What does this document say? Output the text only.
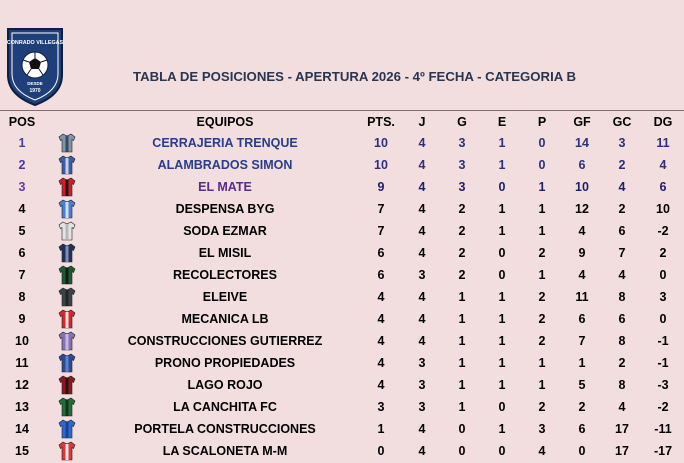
CONRADO VILLEGAS
DESDE
1970
TABLA DE POSICIONES - APERTURA 2026 - 4º FECHA - CATEGORIA B
POS		EQUIPOS	PTS.	J	G	E	P	GF	GC	DG
1		CERRAJERIA TRENQUE	10	4	3	1	0	14	3	11
2		ALAMBRADOS SIMON	10	4	3	1	0	6	2	4
3		EL MATE	9	4	3	0	1	10	4	6
4		DESPENSA BYG	7	4	2	1	1	12	2	10
5		SODA EZMAR	7	4	2	1	1	4	6	-2
6		EL MISIL	6	4	2	0	2	9	7	2
7		RECOLECTORES	6	3	2	0	1	4	4	0
8		ELEIVE	4	4	1	1	2	11	8	3
9		MECANICA LB	4	4	1	1	2	6	6	0
10		CONSTRUCCIONES GUTIERREZ	4	4	1	1	2	7	8	-1
11		PRONO PROPIEDADES	4	3	1	1	1	1	2	-1
12		LAGO ROJO	4	3	1	1	1	5	8	-3
13		LA CANCHITA FC	3	3	1	0	2	2	4	-2
14		PORTELA CONSTRUCCIONES	1	4	0	1	3	6	17	-11
15		LA SCALONETA M-M	0	4	0	0	4	0	17	-17
